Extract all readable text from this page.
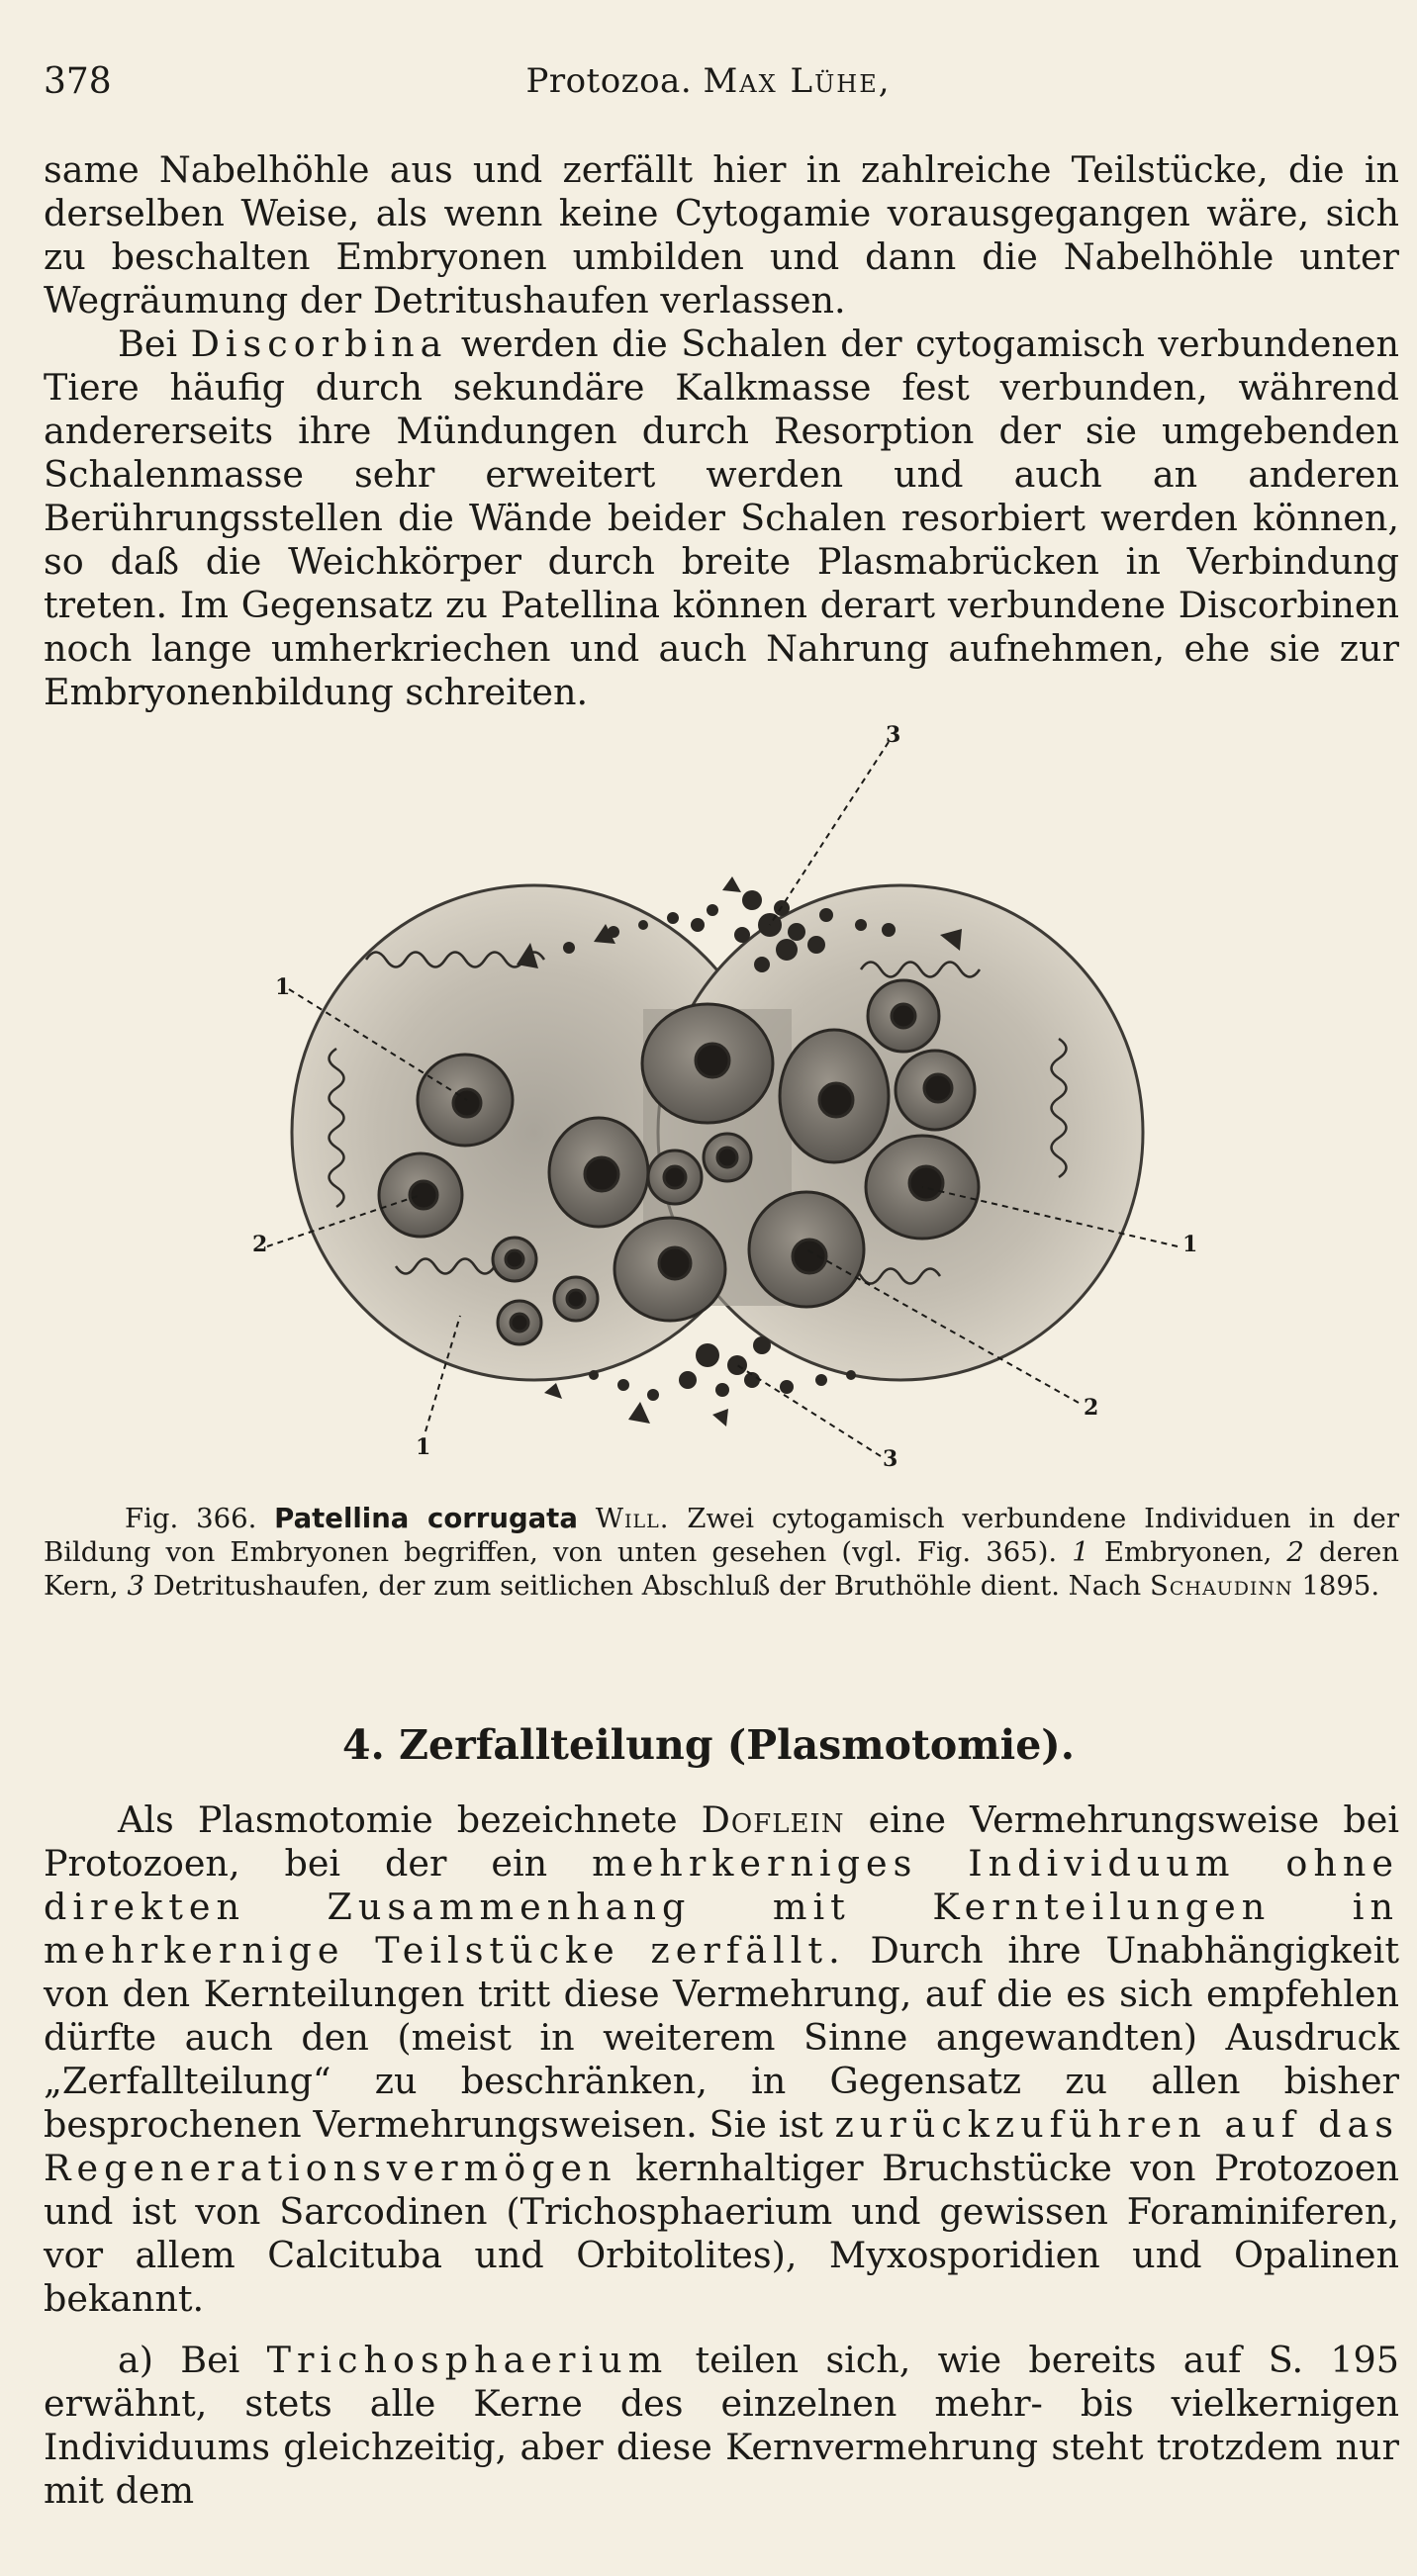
378	Protozoa. Max Lühe,

same Nabelhöhle aus und zerfällt hier in zahlreiche Teilstücke, die in derselben Weise, als wenn keine Cytogamie vorausgegangen wäre, sich zu beschalten Embryonen umbilden und dann die Nabelhöhle unter Wegräumung der Detritushaufen verlassen.

Bei Discorbina werden die Schalen der cytogamisch verbundenen Tiere häufig durch sekundäre Kalkmasse fest verbunden, während andererseits ihre Mündungen durch Resorption der sie umgebenden Schalenmasse sehr erweitert werden und auch an anderen Berührungsstellen die Wände beider Schalen resorbiert werden können, so daß die Weichkörper durch breite Plasmabrücken in Verbindung treten. Im Gegensatz zu Patellina können derart verbundene Discorbinen noch lange umherkriechen und auch Nahrung aufnehmen, ehe sie zur Embryonenbildung schreiten.

1
2
3
1
2
3
1
Fig. 366. Patellina corrugata Will. Zwei cytogamisch verbundene Individuen in der Bildung von Embryonen begriffen, von unten gesehen (vgl. Fig. 365). 1 Embryonen, 2 deren Kern, 3 Detritushaufen, der zum seitlichen Abschluß der Bruthöhle dient. Nach Schaudinn 1895.
4. Zerfallteilung (Plasmotomie).

Als Plasmotomie bezeichnete Doflein eine Vermehrungsweise bei Protozoen, bei der ein mehrkerniges Individuum ohne direkten Zusammenhang mit Kernteilungen in mehrkernige Teilstücke zerfällt. Durch ihre Unabhängigkeit von den Kernteilungen tritt diese Vermehrung, auf die es sich empfehlen dürfte auch den (meist in weiterem Sinne angewandten) Ausdruck „Zerfallteilung“ zu beschränken, in Gegensatz zu allen bisher besprochenen Vermehrungsweisen. Sie ist zurückzuführen auf das Regenerationsvermögen kernhaltiger Bruchstücke von Protozoen und ist von Sarcodinen (Trichosphaerium und gewissen Foraminiferen, vor allem Calcituba und Orbitolites), Myxosporidien und Opalinen bekannt.

a) Bei Trichosphaerium teilen sich, wie bereits auf S. 195 erwähnt, stets alle Kerne des einzelnen mehr- bis vielkernigen Individuums gleichzeitig, aber diese Kernvermehrung steht trotzdem nur mit dem
